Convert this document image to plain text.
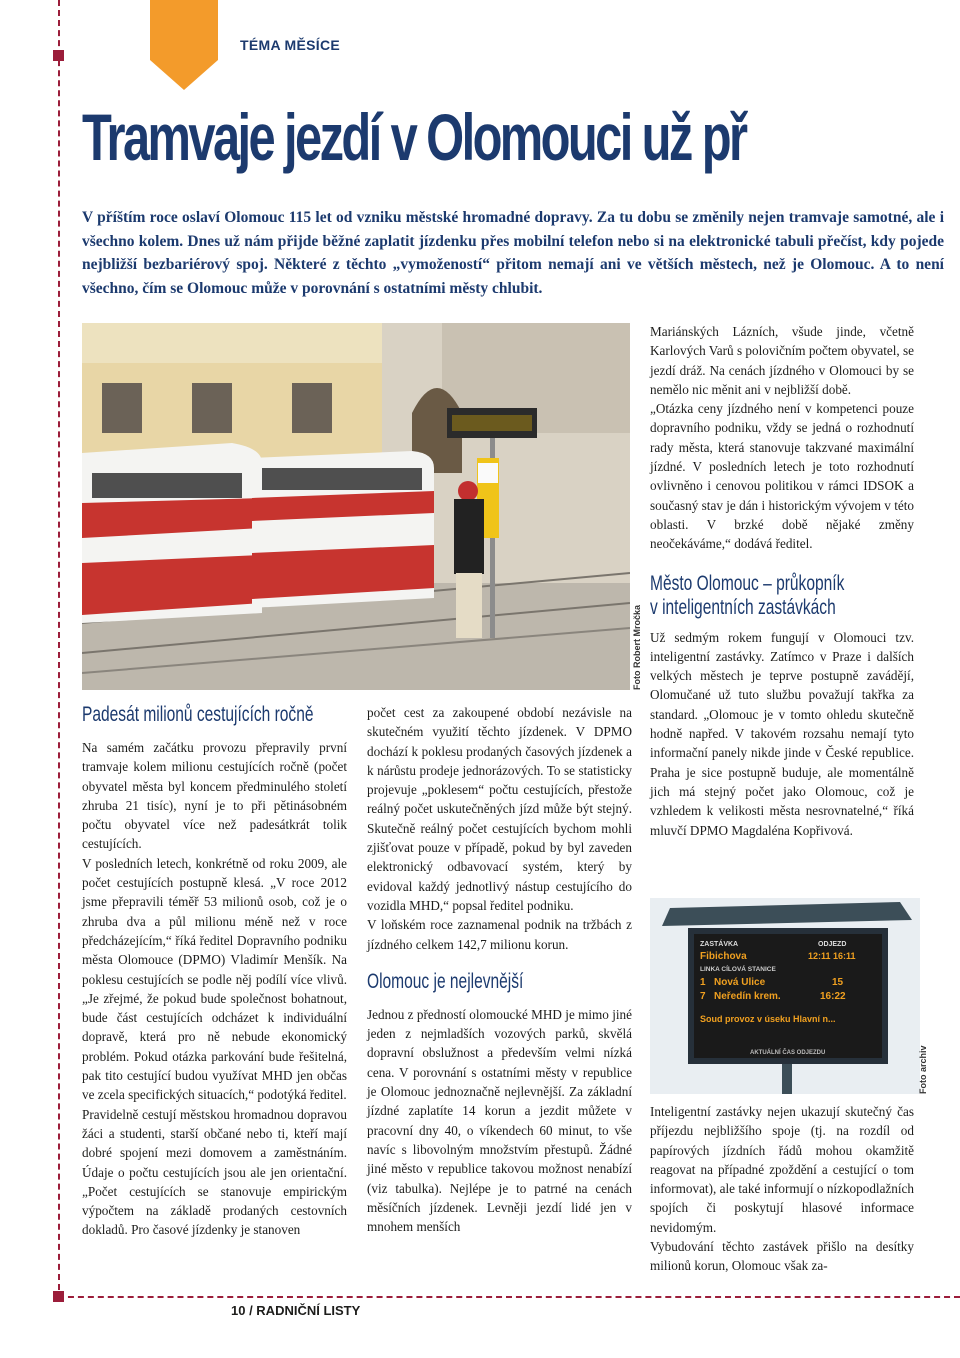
TÉMA MĚSÍCE
Tramvaje jezdí v Olomouci už př

V příštím roce oslaví Olomouc 115 let od vzniku městské hromadné dopravy. Za tu dobu se změnily nejen tramvaje samotné, ale i všechno kolem. Dnes už nám přijde běžné zaplatit jízdenku přes mobilní telefon nebo si na elektronické tabuli přečíst, kdy pojede nejbližší bezbariérový spoj. Některé z těchto „vymožeností“ přitom nemají ani ve větších městech, než je Olomouc. A to není všechno, čím se Olomouc může v porovnání s ostatními městy chlubit.

Foto Robert Mročka
Padesát milionů cestujících ročně

Na samém začátku provozu přepravily první tramvaje kolem milionu cestujících ročně (počet obyvatel města byl koncem předminulého století zhruba 21 tisíc), nyní je to při pětinásobném počtu obyvatel více než padesátkrát tolik cestujících.

V posledních letech, konkrétně od roku 2009, ale počet cestujících postupně klesá. „V roce 2012 jsme přepravili téměř 53 milionů osob, což je o zhruba dva a půl milionu méně než v roce předcházejícím,“ říká ředitel Dopravního podniku města Olomouce (DPMO) Vladimír Menšík. Na poklesu cestujících se podle něj podílí více vlivů. „Je zřejmé, že pokud bude společnost bohatnout, bude část cestujících odcházet k individuální dopravě, která pro ně nebude ekonomický problém. Pokud otázka parkování bude řešitelná, pak tito cestující budou využívat MHD jen občas ve zcela specifických situacích,“ podotýká ředitel.

Pravidelně cestují městskou hromadnou dopravou žáci a studenti, starší občané nebo ti, kteří mají dobré spojení mezi domovem a zaměstnáním. Údaje o počtu cestujících jsou ale jen orientační. „Počet cestujících se stanovuje empirickým výpočtem na základě prodaných cestovních dokladů. Pro časové jízdenky je stanoven

počet cest za zakoupené období nezávisle na skutečném využití těchto jízdenek. V DPMO dochází k poklesu prodaných časových jízdenek a k nárůstu prodeje jednorázových. To se statisticky projevuje „poklesem“ počtu cestujících, přestože reálný počet uskutečněných jízd může být stejný. Skutečně reálný počet cestujících bychom mohli zjišťovat pouze v případě, pokud by byl zaveden elektronický odbavovací systém, který by evidoval každý jednotlivý nástup cestujícího do vozidla MHD,“ popsal ředitel podniku.

V loňském roce zaznamenal podnik na tržbách z jízdného celkem 142,7 milionu korun.

Olomouc je nejlevnější

Jednou z předností olomoucké MHD je mimo jiné jeden z nejmladších vozových parků, skvělá dopravní obslužnost a především velmi nízká cena. V porovnání s ostatními městy v republice je Olomouc jednoznačně nejlevnější. Za základní jízdné zaplatíte 14 korun a jezdit můžete v pracovní dny 40, o víkendech 60 minut, to vše navíc s libovolným množstvím přestupů. Žádné jiné město v republice takovou možnost nenabízí (viz tabulka). Nejlépe je to patrné na cenách měsíčních jízdenek. Levněji jezdí lidé jen v mnohem menších

Mariánských Lázních, všude jinde, včetně Karlových Varů s polovičním počtem obyvatel, se jezdí dráž. Na cenách jízdného v Olomouci by se nemělo nic měnit ani v nejbližší době.

„Otázka ceny jízdného není v kompetenci pouze dopravního podniku, vždy se jedná o rozhodnutí rady města, která stanovuje takzvané maximální jízdné. V posledních letech je toto rozhodnutí ovlivněno i cenovou politikou v rámci IDSOK a současný stav je dán i historickým vývojem v této oblasti. V brzké době nějaké změny neočekáváme,“ dodává ředitel.

Město Olomouc – průkopník
v inteligentních zastávkách

Už sedmým rokem fungují v Olomouci tzv. inteligentní zastávky. Zatímco v Praze i dalších velkých městech je teprve postupně zavádějí, Olomučané už tuto službu považují takřka za standard. „Olomouc je v tomto ohledu skutečně hodně napřed. V takovém rozsahu nemají tyto informační panely nikde jinde v České republice. Praha je sice postupně buduje, ale momentálně jich má stejný počet jako Olomouc, což je vzhledem k velikosti města nesrovnatelné,“ říká mluvčí DPMO Magdaléna Kopřivová.

ZASTÁVKA	ODJEZD
Fibichova	12:11 16:11
LINKA CÍLOVÁ STANICE
1 Nová Ulice	15
7 Neředín krem.	16:22
Soud provoz v úseku Hlavní n...
AKTUÁLNÍ ČAS ODJEZDU	Foto archiv

Inteligentní zastávky nejen ukazují skutečný čas příjezdu nejbližšího spoje (tj. na rozdíl od papírových jízdních řádů mohou okamžitě reagovat na případné zpoždění a cestující o tom informovat), ale také informují o nízkopodlažních spojích či poskytují hlasové informace nevidomým.

Vybudování těchto zastávek přišlo na desítky milionů korun, Olomouc však za-

10 / RADNIČNÍ LISTY
